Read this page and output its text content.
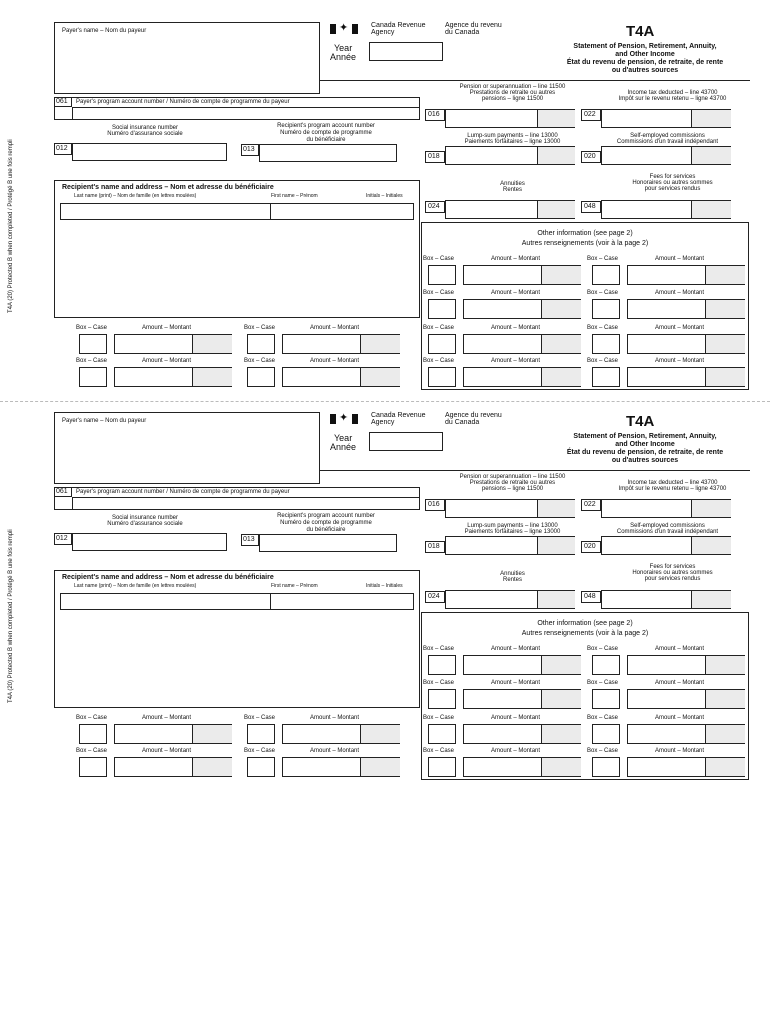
T4A (20) Protected B when completed / Protégé B une fois rempli
Payer's name – Nom du payeur	✦	Canada Revenue
Agency
Agence du revenu
du Canada
Year
Année
T4A
Statement of Pension, Retirement, Annuity,
and Other Income
État du revenu de pension, de retraite, de rente
ou d'autres sources
061 Payer's program account number / Numéro de compte de programme du payeur
Social insurance number
Numéro d'assurance sociale
012
Recipient's program account number
Numéro de compte de programme
du bénéficiaire
013
Pension or superannuation – line 11500
Prestations de retraite ou autres
pensions – ligne 11500
016
Income tax deducted – line 43700
Impôt sur le revenu retenu – ligne 43700
022
Lump-sum payments – line 13000
Paiements forfaitaires – ligne 13000
018
Self-employed commissions
Commissions d'un travail indépendant
020
Annuities
Rentes
024
Fees for services
Honoraires ou autres sommes
pour services rendus
048
Recipient's name and address – Nom et adresse du bénéficiaire
Last name (print) – Nom de famille (en lettres moulées)	First name – Prénom	Initials – Initiales
Other information (see page 2)
Autres renseignements (voir à la page 2)
Box – Case	Amount – Montant	Box – Case	Amount – Montant
Box – Case	Amount – Montant	Box – Case	Amount – Montant
Box – Case	Amount – Montant	Box – Case	Amount – Montant
Box – Case	Amount – Montant	Box – Case	Amount – Montant
Box – Case	Amount – Montant	Box – Case	Amount – Montant
Box – Case	Amount – Montant	Box – Case	Amount – Montant
T4A (20) Protected B when completed / Protégé B une fois rempli
Payer's name – Nom du payeur	✦	Canada Revenue
Agency
Agence du revenu
du Canada
Year
Année
T4A
Statement of Pension, Retirement, Annuity,
and Other Income
État du revenu de pension, de retraite, de rente
ou d'autres sources
061 Payer's program account number / Numéro de compte de programme du payeur
Social insurance number
Numéro d'assurance sociale
012
Recipient's program account number
Numéro de compte de programme
du bénéficiaire
013
Pension or superannuation – line 11500
Prestations de retraite ou autres
pensions – ligne 11500
016
Income tax deducted – line 43700
Impôt sur le revenu retenu – ligne 43700
022
Lump-sum payments – line 13000
Paiements forfaitaires – ligne 13000
018
Self-employed commissions
Commissions d'un travail indépendant
020
Annuities
Rentes
024
Fees for services
Honoraires ou autres sommes
pour services rendus
048
Recipient's name and address – Nom et adresse du bénéficiaire
Last name (print) – Nom de famille (en lettres moulées)	First name – Prénom	Initials – Initiales
Other information (see page 2)
Autres renseignements (voir à la page 2)
Box – Case	Amount – Montant	Box – Case	Amount – Montant
Box – Case	Amount – Montant	Box – Case	Amount – Montant
Box – Case	Amount – Montant	Box – Case	Amount – Montant
Box – Case	Amount – Montant	Box – Case	Amount – Montant
Box – Case	Amount – Montant	Box – Case	Amount – Montant
Box – Case	Amount – Montant	Box – Case	Amount – Montant
